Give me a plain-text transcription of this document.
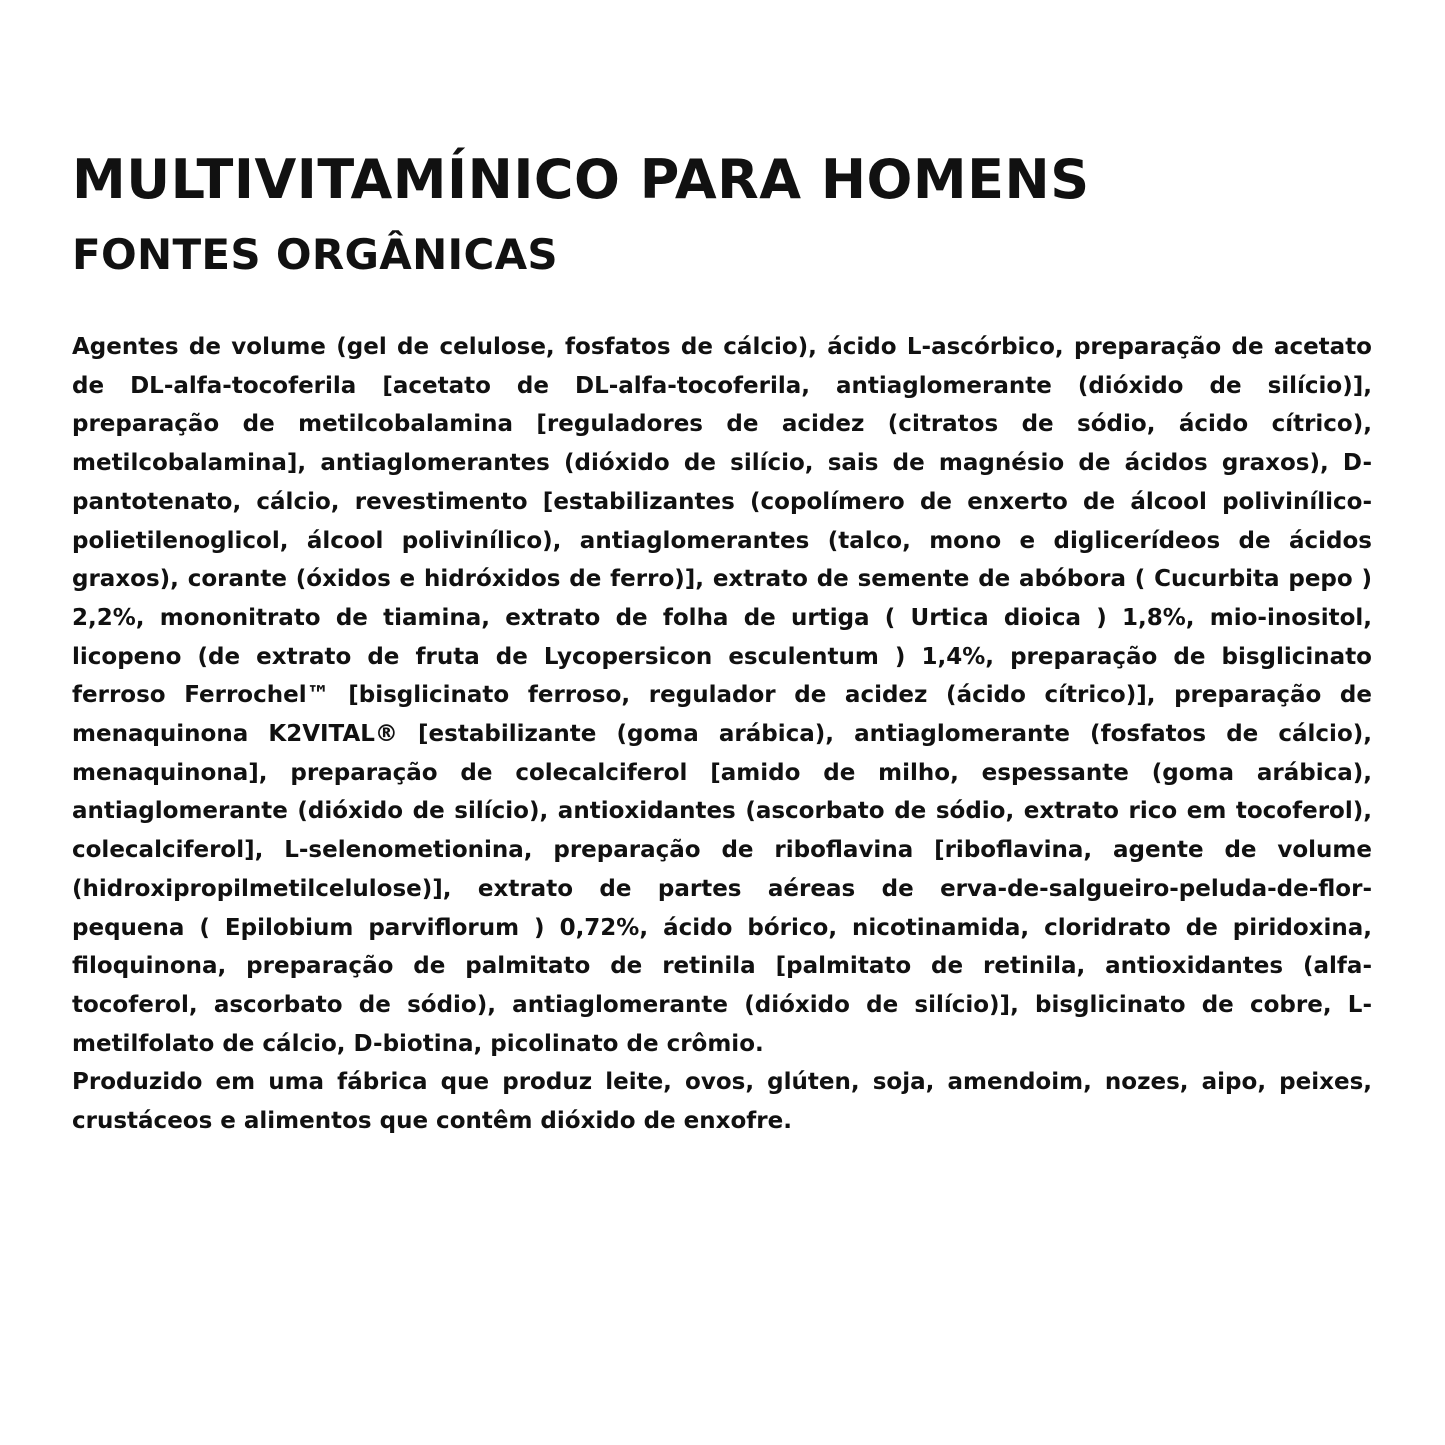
MULTIVITAMÍNICO PARA HOMENS
FONTES ORGÂNICAS

Agentes de volume (gel de celulose, fosfatos de cálcio), ácido L-ascórbico, preparação de acetato de DL-alfa-tocoferila [acetato de DL-alfa-tocoferila, antiaglomerante (dióxido de silício)], preparação de metilcobalamina [reguladores de acidez (citratos de sódio, ácido cítrico), metilcobalamina], antiaglomerantes (dióxido de silício, sais de magnésio de ácidos graxos), D-pantotenato, cálcio, revestimento [estabilizantes (copolímero de enxerto de álcool polivinílico-polietilenoglicol, álcool polivinílico), antiaglomerantes (talco, mono e diglicerídeos de ácidos graxos), corante (óxidos e hidróxidos de ferro)], extrato de semente de abóbora ( Cucurbita pepo ) 2,2%, mononitrato de tiamina, extrato de folha de urtiga ( Urtica dioica ) 1,8%, mio-inositol, licopeno (de extrato de fruta de Lycopersicon esculentum ) 1,4%, preparação de bisglicinato ferroso Ferrochel™ [bisglicinato ferroso, regulador de acidez (ácido cítrico)], preparação de menaquinona K2VITAL® [estabilizante (goma arábica), antiaglomerante (fosfatos de cálcio), menaquinona], preparação de colecalciferol [amido de milho, espessante (goma arábica), antiaglomerante (dióxido de silício), antioxidantes (ascorbato de sódio, extrato rico em tocoferol), colecalciferol], L-selenometionina, preparação de riboflavina [riboflavina, agente de volume (hidroxipropilmetilcelulose)], extrato de partes aéreas de erva-de-salgueiro-peluda-de-flor-pequena ( Epilobium parviflorum ) 0,72%, ácido bórico, nicotinamida, cloridrato de piridoxina, filoquinona, preparação de palmitato de retinila [palmitato de retinila, antioxidantes (alfa-tocoferol, ascorbato de sódio), antiaglomerante (dióxido de silício)], bisglicinato de cobre, L-metilfolato de cálcio, D-biotina, picolinato de crômio.

Produzido em uma fábrica que produz leite, ovos, glúten, soja, amendoim, nozes, aipo, peixes, crustáceos e alimentos que contêm dióxido de enxofre.
